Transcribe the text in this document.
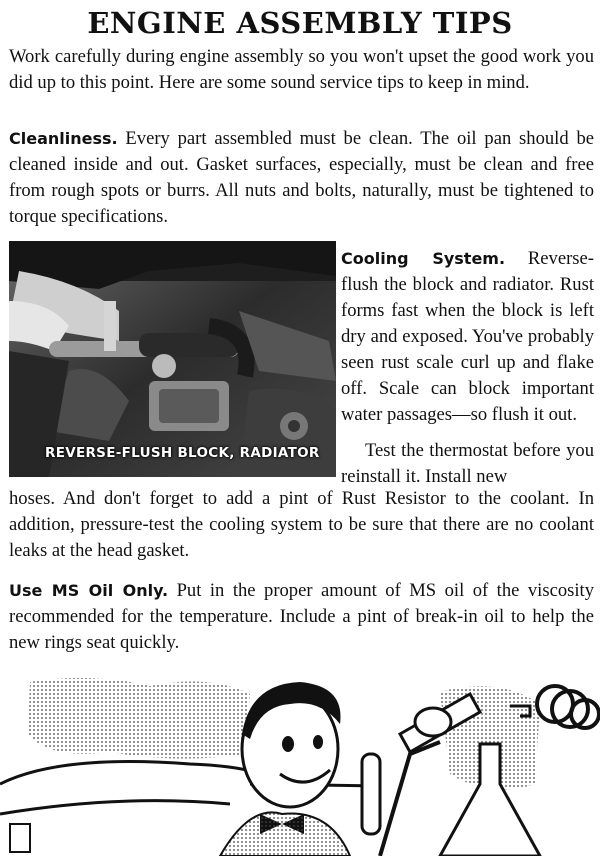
ENGINE ASSEMBLY TIPS

Work carefully during engine assembly so you won't upset the good work you did up to this point. Here are some sound service tips to keep in mind.

Cleanliness. Every part assembled must be clean. The oil pan should be cleaned inside and out. Gasket surfaces, especially, must be clean and free from rough spots or burrs. All nuts and bolts, naturally, must be tightened to torque specifications.

REVERSE-FLUSH BLOCK, RADIATOR

Cooling System. Reverse-flush the block and radiator. Rust forms fast when the block is left dry and exposed. You've probably seen rust scale curl up and flake off. Scale can block important water passages—so flush it out.

Test the thermostat before you reinstall it. Install new

hoses. And don't forget to add a pint of Rust Resistor to the coolant. In addition, pressure-test the cooling system to be sure that there are no coolant leaks at the head gasket.

Use MS Oil Only. Put in the proper amount of MS oil of the viscosity recommended for the temperature. Include a pint of break-in oil to help the new rings seat quickly.
